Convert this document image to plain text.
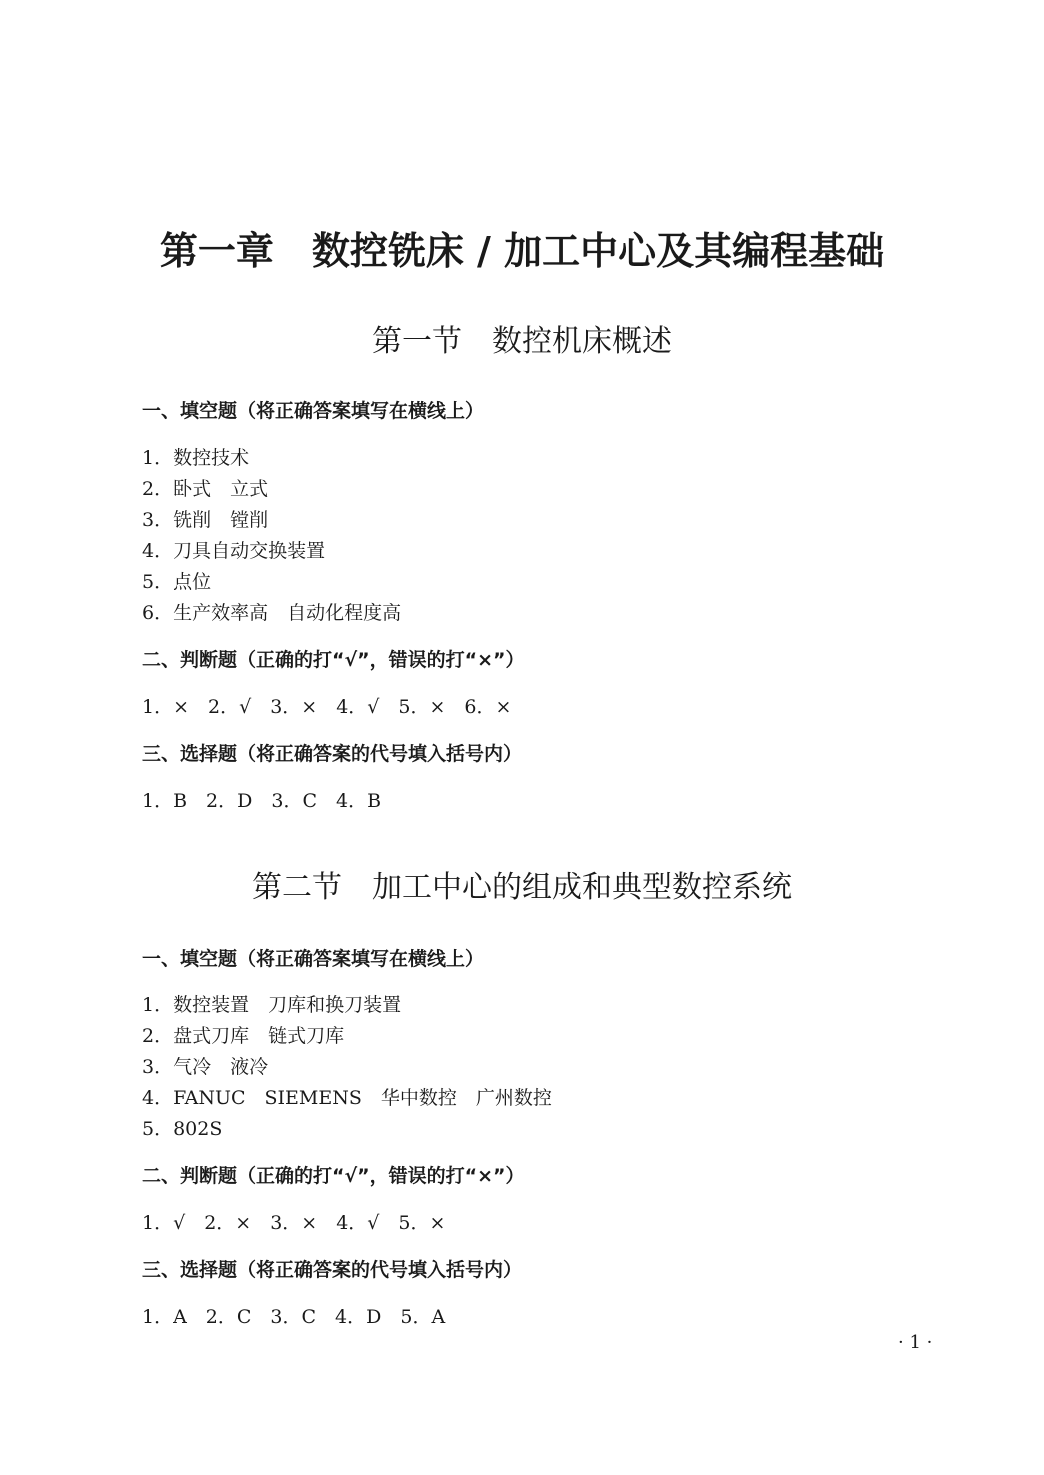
第一章　数控铣床 / 加工中心及其编程基础
第一节　数控机床概述
一、填空题（将正确答案填写在横线上）
1．数控技术
2．卧式　立式
3．铣削　镗削
4．刀具自动交换装置
5．点位
6．生产效率高　自动化程度高
二、判断题（正确的打“√”，错误的打“×”）
1．×　2．√　3．×　4．√　5．×　6．×
三、选择题（将正确答案的代号填入括号内）
1．B　2．D　3．C　4．B
第二节　加工中心的组成和典型数控系统
一、填空题（将正确答案填写在横线上）
1．数控装置　刀库和换刀装置
2．盘式刀库　链式刀库
3．气冷　液冷
4．FANUC　SIEMENS　华中数控　广州数控
5．802S
二、判断题（正确的打“√”，错误的打“×”）
1．√　2．×　3．×　4．√　5．×
三、选择题（将正确答案的代号填入括号内）
1．A　2．C　3．C　4．D　5．A
· 1 ·
